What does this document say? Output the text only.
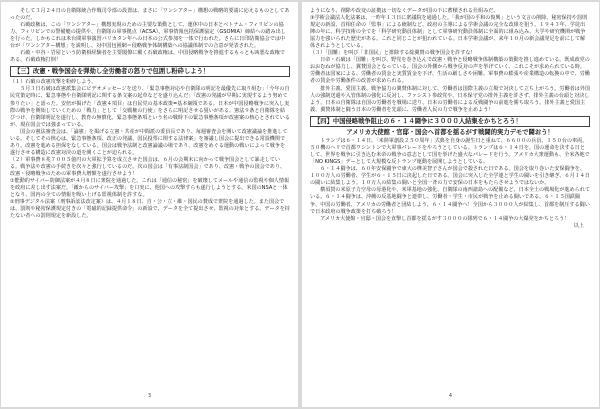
　そして３月２４日の自衛隊統合作戦司令部の設置は、まさに「ワンシアター」構想の戦略的要請に応えるものとしてあったのだ。

　石破政権は、この「ワンシアター」構想実現のための主要な策動として、運休中の日本とベトナム・フィリピンの協力、フィリピンでの警備艇の提供や、自衛隊の軍事拠点（ACSA）、軍事情報包括保護協定（GSOMIA）締結への踏み出しを行った。しかもこれは米台間軍事演習バリカタン年への日本の公式参加を一体で行われた。さらに日印防衛協会では中台が「ワンシアター構想」を説明し、対中国包囲網＝侵略戦争体制構築への協議体制での合意が発表された。

　石破・中谷・岩屋という防衛相経験者を主要閣僚に戴く石破政権は、中国侵略戦争を推進するもっとも凶悪な政権である。石破政権打倒！

【三】改憲・戦争国会を弾劾し全労働者の怒りで包囲し粉砕しよう！

（１）石破の改憲攻撃を粉砕しよう。

　５月３日石破は改憲派集会にビデオメッセージを送り、「緊急事態対応や自衛隊の明記を最優先に取り組む」「今年の自民党策定時に、緊急事態や自衛隊明記に関する条文案の起草などを盛り込んだ」「改憲の発議が早期に実現するよう努めて参りたい」と語った。安倍が掲げた「改憲４項目」は自民党の基本政策=基本綱領である。日本が中国侵略戦争に突入し実際の戦争を開始していくための「戦力」として「交戦権の行使」をさらに明記させる狙いがある。憲法９条と自衛隊を結びつけ、自衛隊明記を遂行し、教育の無償化、緊急事態条項という名の戦時下の緊急事態条項が改憲案の核心とされているが、現在国会では強まっている。

　国会の憲法審査会は、「論憲」を掲げる立憲・共産が中間派の委員長であり、毎週審査会を開いて改憲議論を推進している。そしてその核心は、緊急事態条項、改正の発議、国民投票に関する法律案」を審議し国会に提出できる常設機関であり、改憲を進める担保をなしている。国会は戦争法制と改憲論議の場であり、改憲をめぐる運動の戦いによって戦争を遂行させる構造に改憲対決の道を開くことが迫られる。

（２）軍事費８兆７００５億円の大軍拡予算を成立させた国会は、６月の会期末に向かって戦争国会として暴走している。戦争法や改憲の手続きを次々と強行しているのだ。次の国会は「有事法制国会」であり、改憲・戦争の国会であり、改憲・侵略戦争のための軍事費大増額を遂行させよう！

①能動的サイバー防御法案が４月８日に衆院を通過した。これは「通信の秘密」を破壊してメールや通信の監視や個人情報を政府に差し出す法案だ。「敵からのサイバー攻撃」を口実に、他国への攻撃すらも遂行しようとする。米国のNSAと一体となり、国内の全ての情報を吸い上げる監視体制を許すな。

②刑事デジタル法案（刑事訴訟法改定案）は、４月１８日、自・公・立・維・国民の賛成で衆院を通過した。また国会では、罰則や秘密保護規定付きの「電磁的記録提供命令」の新設で、データを全て提出させ、監視の対象とする。データを持たない者への罰則規定を新設した。

3

ようになり、削除や改変の証拠は一切なくデータが国の下に蓄積される仕組みだ。

③学術会議法人化法案は、一昨年１３日に衆議院を通過した。「我が国の平和の復興」という文言の削除、秘密保持や罰則規定の新設、首相任命の「監事」による統制など、政府の主導による学術会議の完全な改組を狙う。１９４３年、学徒出陣の年に、科学技術の全てを「科学研究動員体制」として軍事研究動員体制に全面的に組み込み、大学や研究機関が戦争協力を強いられた歴史がある。これと同じことが狙われている。日本学術会議が、来年１０月の新会議発足を前にして解体されようとしている。

（３）「国難」を叫び「非国民」と排除する総翼賛の戦争国会を許すな！

　日帝・石破は「国難」を叫び、野党を巻き込んで改憲・戦争と侵略戦争体制構築の策動を推し進めている。既成政党のおおむねが協力し、翼賛国会となっている。国会の外側から戦争反対の声を挙げていく、これこそが求められている時。労働者は国家による、労働者の賃金と実質賃金を下げ、生活の厳しさや困難、軍事費の膨張や産業構造の転換の中で、労働者の賃金や労働条件の改善が求められる。

　排外主義、愛国主義、戦争協力の翼賛体制に対して、労働者は国際主義の立場で対決して立ち上がろう。労働者は外国人の強制送還や入管体制の強化に反対し、ファシスト参政党や、日本保守党の排外主義を許さず、排外主義の台頭と対決しよう。日本の自衛隊は自国の労働者を戦場に送り、日本の労働者による反戦闘争の前進を勝ち取ろう。排外主義と愛国主義、翼賛体制と闘う日本の労働者を先頭に、労働者人民の力で戦争を止めよう！

【四】中国侵略戦争阻止の６・１４闘争に３０００人結集をかちとろう！
アメリカ大使館・官邸・国会へ首都を揺るがす戦闘的実力デモで闘おう！

　トランプは６・１４日、「米陸軍創設２５０周年」式典を自身の誕生日と重ねて、６６００の兵員、１５０台の車両、５０機のヘリで首都ワシントンで大軍事パレードをやろうとしている。トランプは６・１４日を、国の運命を決する日として、世界を戦争に引き込む米帝の戦争の意志として国を挙げた盛大なパレードを行う。アメリカ大衆運動も、全米各地で「NO KINGS」デーとして大規模な反トランプ運動を展開しようとしている。

　６・１４闘争は、６０年安保闘争で東大の樺美智子さんが国会で殺された日である。国会を取り巻いた安保闘争を、１００万人の労働者、学生が６・１５日に決起した日である。国会に突入した全学連と学生の闘いを引き継ぎ、６月１４日の闘いに結集しよう。１０万人の結集の闘いと全国一斉の力で安保の日本をもたらさせようではないか。

　横須賀の米原子力空母の母港化や、米軍基地の強化、自衛隊の南西諸島への配備など、日本全土の戦場化が進められている。６・１４闘争は、沖縄の反基地闘争と連帯し、労働者・学生・市民が戦争を止める闘いである。６・１５国鉄闘争、中国の労働者、アメリカの労働者と団結しよう。６・１４闘争へ！全国から３０００人が結集し、首都を制圧する闘いで日本政府の戦争政策を打ち破ろう！

　アメリカ大使館・官邸・国会を直撃し首都を揺るがす３０００の隊列で６・１４闘争の大爆発をかちとろう！

以上

4
